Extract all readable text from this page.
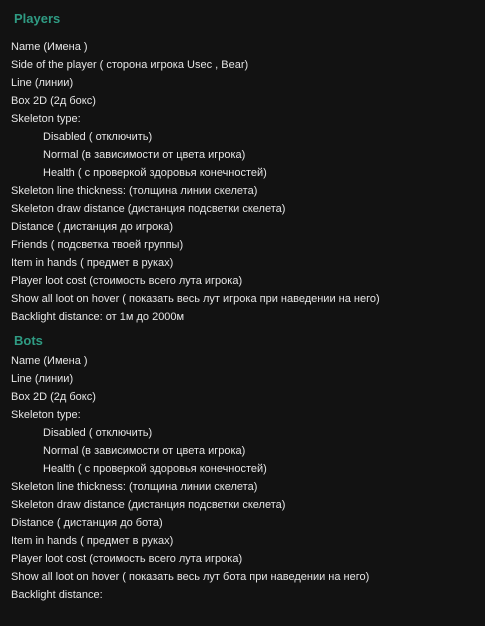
Players
Name (Имена )
Side of the player ( сторона игрока Usec , Bear)
Line (линии)
Box 2D (2д бокс)
Skeleton type:
Disabled ( отключить)
Normal (в зависимости от цвета игрока)
Health ( с проверкой здоровья конечностей)
Skeleton line thickness: (толщина линии скелета)
Skeleton draw distance (дистанция подсветки скелета)
Distance ( дистанция до игрока)
Friends ( подсветка твоей группы)
Item in hands ( предмет в руках)
Player loot cost (стоимость всего лута игрока)
Show all loot on hover ( показать весь лут игрока при наведении на него)
Backlight distance: от 1м до 2000м
Bots
Name (Имена )
Line (линии)
Box 2D (2д бокс)
Skeleton type:
Disabled ( отключить)
Normal (в зависимости от цвета игрока)
Health ( с проверкой здоровья конечностей)
Skeleton line thickness: (толщина линии скелета)
Skeleton draw distance (дистанция подсветки скелета)
Distance ( дистанция до бота)
Item in hands ( предмет в руках)
Player loot cost (стоимость всего лута игрока)
Show all loot on hover ( показать весь лут бота при наведении на него)
Backlight distance:
